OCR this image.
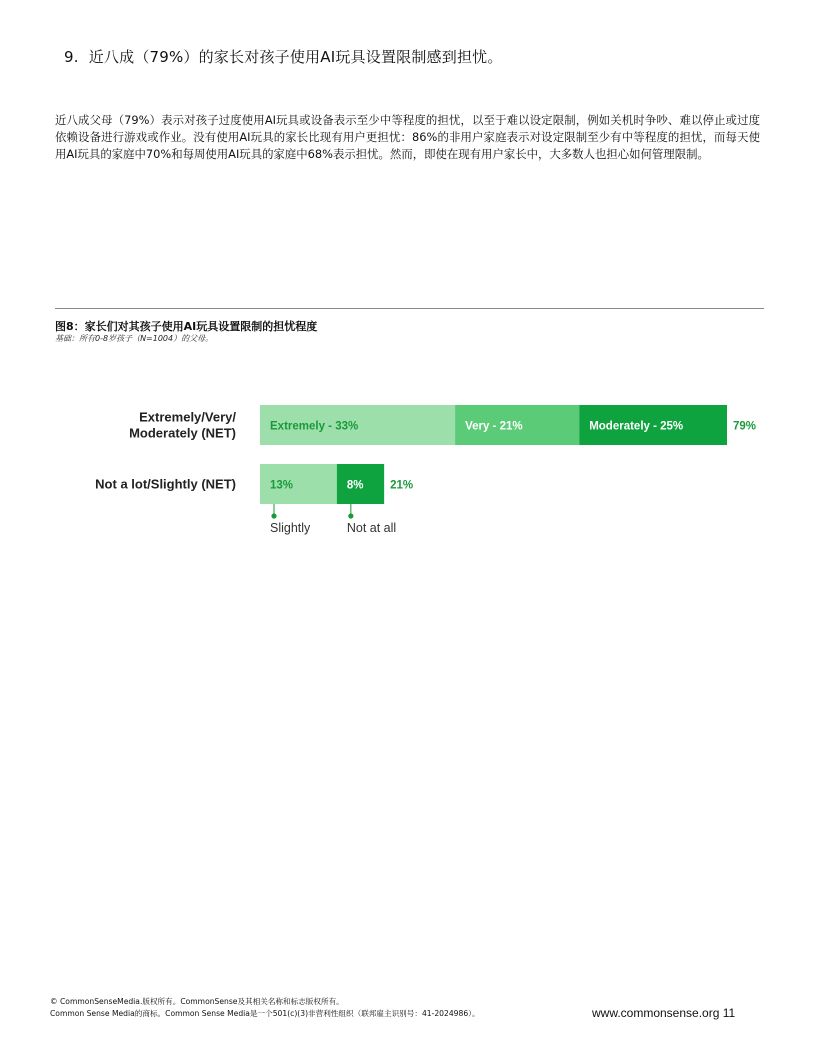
9. 近八成（79%）的家长对孩子使用AI玩具设置限制感到担忧。

近八成父母（79%）表示对孩子过度使用AI玩具或设备表示至少中等程度的担忧，以至于难以设定限制，例如关机时争吵、难以停止或过度依赖设备进行游戏或作业。没有使用AI玩具的家长比现有用户更担忧：86%的非用户家庭表示对设定限制至少有中等程度的担忧，而每天使用AI玩具的家庭中70%和每周使用AI玩具的家庭中68%表示担忧。然而，即使在现有用户家长中，大多数人也担心如何管理限制。

图8：家长们对其孩子使用AI玩具设置限制的担忧程度
基础：所有0-8岁孩子（N=1004）的父母。
Extremely/Very/ Moderately (NET)
Not a lot/Slightly (NET)
Extremely - 33%	Very - 21%	Moderately - 25%
13%	8%
79%
21%
Slightly	Not at all
© CommonSenseMedia.版权所有。CommonSense及其相关名称和标志版权所有。
Common Sense Media的商标。Common Sense Media是一个501(c)(3)非营利性组织（联邦雇主识别号：41-2024986）。	www.commonsense.org 11
